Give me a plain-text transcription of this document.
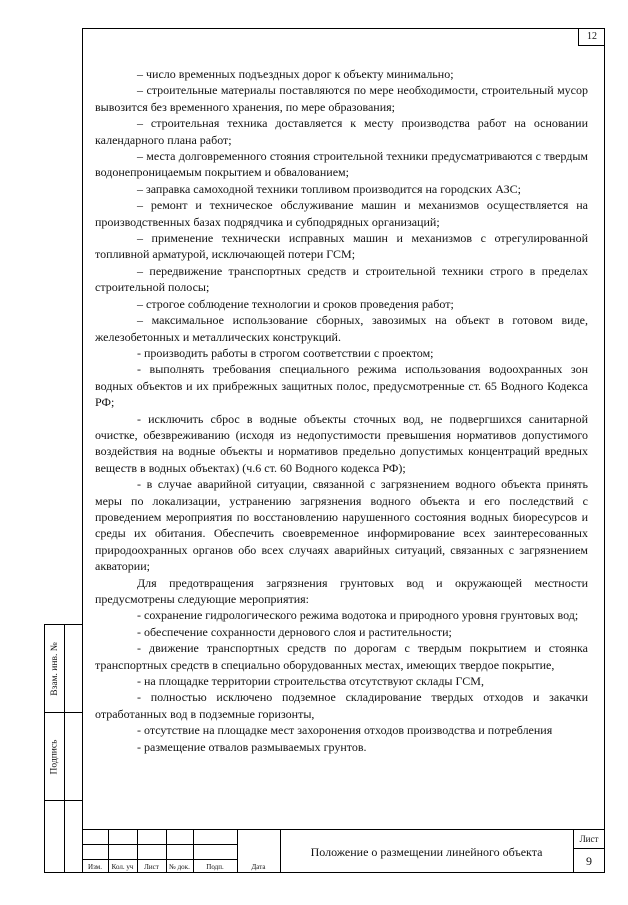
12
Взам. инв. №
Подпись

– число временных подъездных дорог к объекту минимально;

– строительные материалы поставляются по мере необходимости, строительный мусор вывозится без временного хранения, по мере образования;

– строительная техника доставляется к месту производства работ на основании календарного плана работ;

– места долговременного стояния строительной техники предусматриваются с твердым водонепроницаемым покрытием и обвалованием;

– заправка самоходной техники топливом производится на городских АЗС;

– ремонт и техническое обслуживание машин и механизмов осуществляется на производственных базах подрядчика и субподрядных организаций;

– применение технически исправных машин и механизмов с отрегулированной топливной арматурой, исключающей потери ГСМ;

– передвижение транспортных средств и строительной техники строго в пределах строительной полосы;

– строгое соблюдение технологии и сроков проведения работ;

– максимальное использование сборных, завозимых на объект в готовом виде, железобетонных и металлических конструкций.

- производить работы в строгом соответствии с проектом;

- выполнять требования специального режима использования водоохранных зон водных объектов и их прибрежных защитных полос, предусмотренные ст. 65 Водного Кодекса РФ;

- исключить сброс в водные объекты сточных вод, не подвергшихся санитарной очистке, обезвреживанию (исходя из недопустимости превышения нормативов допустимого воздействия на водные объекты и нормативов предельно допустимых концентраций вредных веществ в водных объектах) (ч.6 ст. 60 Водного кодекса РФ);

- в случае аварийной ситуации, связанной с загрязнением водного объекта принять меры по локализации, устранению загрязнения водного объекта и его последствий с проведением мероприятия по восстановлению нарушенного состояния водных биоресурсов и среды их обитания. Обеспечить своевременное информирование всех заинтересованных природоохранных органов обо всех случаях аварийных ситуаций, связанных с загрязнением акватории;

Для предотвращения загрязнения грунтовых вод и окружающей местности предусмотрены следующие мероприятия:

- сохранение гидрологического режима водотока и природного уровня грунтовых вод;

- обеспечение сохранности дернового слоя и растительности;

- движение транспортных средств по дорогам с твердым покрытием и стоянка транспортных средств в специально оборудованных местах, имеющих твердое покрытие,

- на площадке территории строительства отсутствуют склады ГСМ,

- полностью исключено подземное складирование твердых отходов и закачки отработанных вод в подземные горизонты,

- отсутствие на площадке мест захоронения отходов производства и потребления

- размещение отвалов размываемых грунтов.

Изм.	Кол. уч	Лист	№ док.	Подп.	Дата
Положение о размещении линейного объекта
Лист
9
